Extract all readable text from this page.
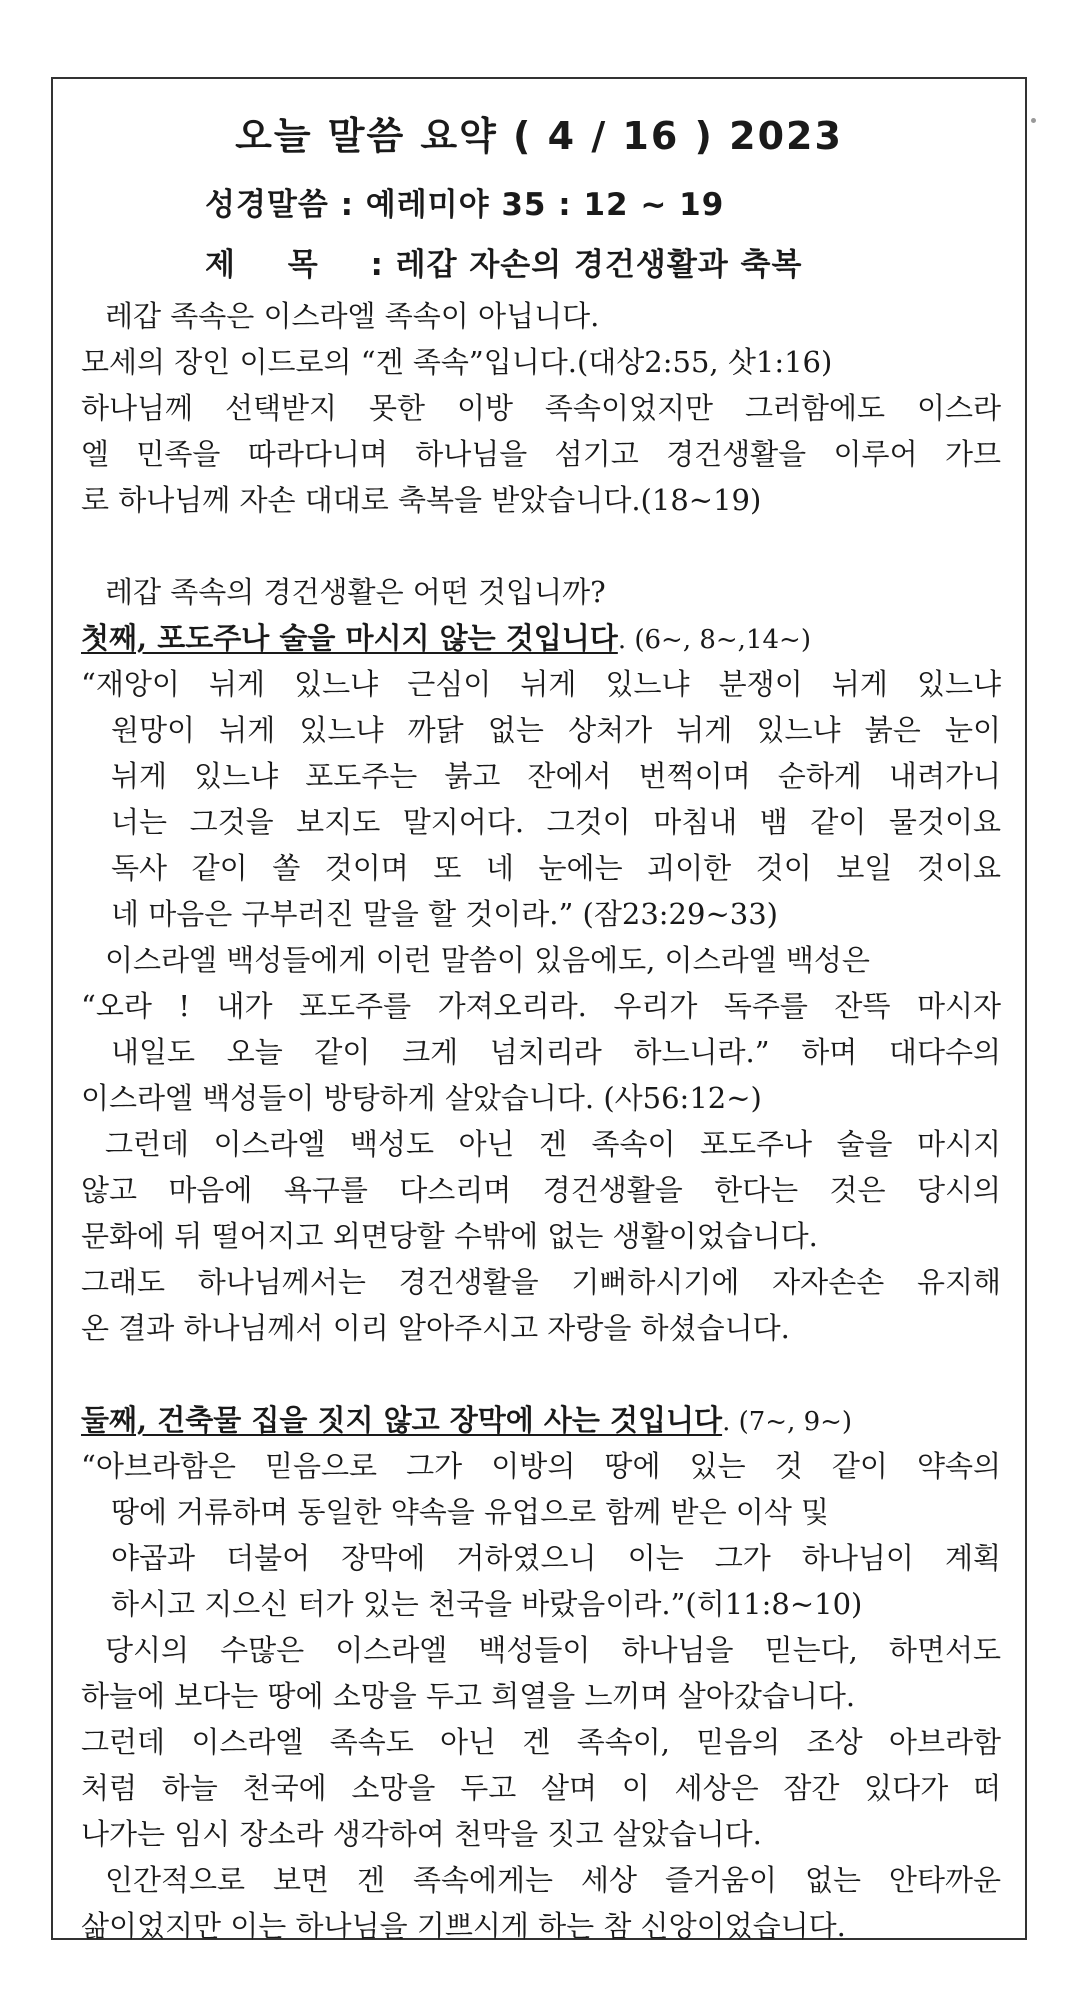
오늘 말씀 요약 ( 4 / 16 ) 2023
성경말씀 : 예레미야 35 : 12 ~ 19
제 목 : 레갑 자손의 경건생활과 축복
레갑 족속은 이스라엘 족속이 아닙니다.
모세의 장인 이드로의 “겐 족속”입니다.(대상2:55, 삿1:16)
하나님께 선택받지 못한 이방 족속이었지만 그러함에도 이스라
엘 민족을 따라다니며 하나님을 섬기고 경건생활을 이루어 가므
로 하나님께 자손 대대로 축복을 받았습니다.(18~19)
레갑 족속의 경건생활은 어떤 것입니까?
첫째, 포도주나 술을 마시지 않는 것입니다. (6~, 8~,14~)
“재앙이 뉘게 있느냐 근심이 뉘게 있느냐 분쟁이 뉘게 있느냐
원망이 뉘게 있느냐 까닭 없는 상처가 뉘게 있느냐 붉은 눈이
뉘게 있느냐 포도주는 붉고 잔에서 번쩍이며 순하게 내려가니
너는 그것을 보지도 말지어다. 그것이 마침내 뱀 같이 물것이요
독사 같이 쏠 것이며 또 네 눈에는 괴이한 것이 보일 것이요
네 마음은 구부러진 말을 할 것이라.” (잠23:29~33)
이스라엘 백성들에게 이런 말씀이 있음에도, 이스라엘 백성은
“오라 ! 내가 포도주를 가져오리라. 우리가 독주를 잔뜩 마시자
내일도 오늘 같이 크게 넘치리라 하느니라.” 하며 대다수의
이스라엘 백성들이 방탕하게 살았습니다. (사56:12~)
그런데 이스라엘 백성도 아닌 겐 족속이 포도주나 술을 마시지
않고 마음에 욕구를 다스리며 경건생활을 한다는 것은 당시의
문화에 뒤 떨어지고 외면당할 수밖에 없는 생활이었습니다.
그래도 하나님께서는 경건생활을 기뻐하시기에 자자손손 유지해
온 결과 하나님께서 이리 알아주시고 자랑을 하셨습니다.
둘째, 건축물 집을 짓지 않고 장막에 사는 것입니다. (7~, 9~)
“아브라함은 믿음으로 그가 이방의 땅에 있는 것 같이 약속의
땅에 거류하며 동일한 약속을 유업으로 함께 받은 이삭 및
야곱과 더불어 장막에 거하였으니 이는 그가 하나님이 계획
하시고 지으신 터가 있는 천국을 바랐음이라.”(히11:8~10)
당시의 수많은 이스라엘 백성들이 하나님을 믿는다, 하면서도
하늘에 보다는 땅에 소망을 두고 희열을 느끼며 살아갔습니다.
그런데 이스라엘 족속도 아닌 겐 족속이, 믿음의 조상 아브라함
처럼 하늘 천국에 소망을 두고 살며 이 세상은 잠간 있다가 떠
나가는 임시 장소라 생각하여 천막을 짓고 살았습니다.
인간적으로 보면 겐 족속에게는 세상 즐거움이 없는 안타까운
삶이었지만 이는 하나님을 기쁘시게 하는 참 신앙이었습니다.
